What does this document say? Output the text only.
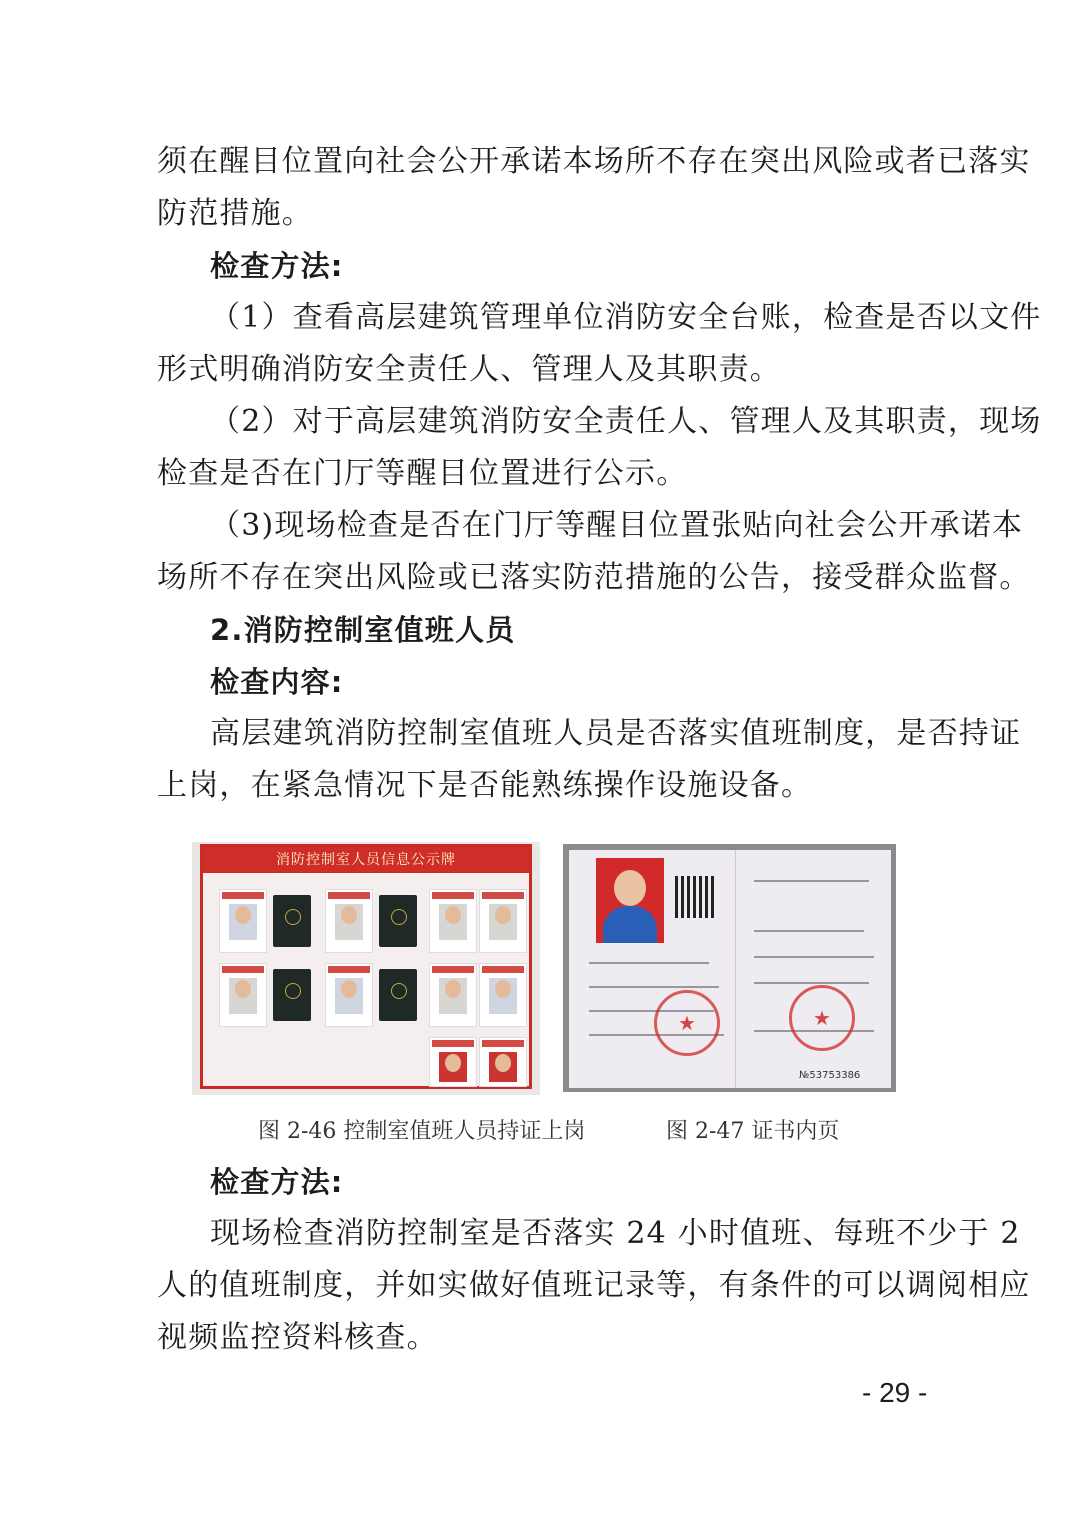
须在醒目位置向社会公开承诺本场所不存在突出风险或者已落实
防范措施。
检查方法:
（1）查看高层建筑管理单位消防安全台账，检查是否以文件
形式明确消防安全责任人、管理人及其职责。
（2）对于高层建筑消防安全责任人、管理人及其职责，现场
检查是否在门厅等醒目位置进行公示。
（3)现场检查是否在门厅等醒目位置张贴向社会公开承诺本
场所不存在突出风险或已落实防范措施的公告，接受群众监督。
2.消防控制室值班人员
检查内容:
高层建筑消防控制室值班人员是否落实值班制度，是否持证
上岗，在紧急情况下是否能熟练操作设施设备。
消防控制室人员信息公示牌
图 2-46 控制室值班人员持证上岗
★	★
№53753386
图 2-47 证书内页
检查方法:
现场检查消防控制室是否落实 24 小时值班、每班不少于 2
人的值班制度，并如实做好值班记录等，有条件的可以调阅相应
视频监控资料核查。
- 29 -
